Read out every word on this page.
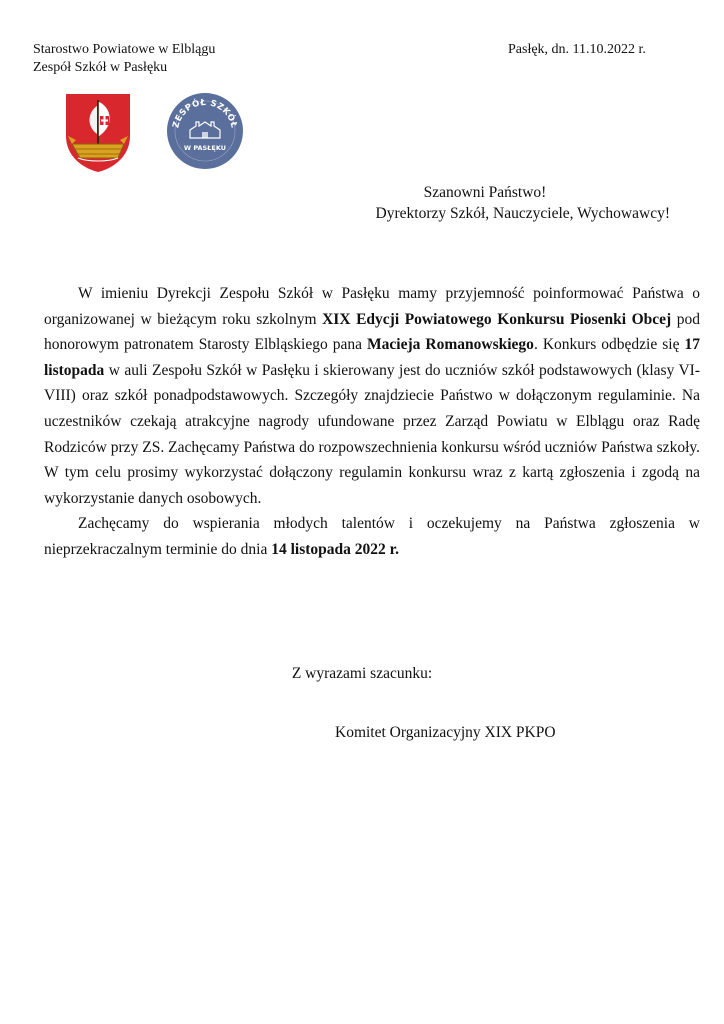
Starostwo Powiatowe w Elblągu
Zespół Szkół w Pasłęku
Pasłęk, dn. 11.10.2022 r.
ZESPÓŁ SZKÓŁ
W PASŁĘKU
Szanowni Państwo!
Dyrektorzy Szkół, Nauczyciele, Wychowawcy!

W imieniu Dyrekcji Zespołu Szkół w Pasłęku mamy przyjemność poinformować Państwa o organizowanej w bieżącym roku szkolnym XIX Edycji Powiatowego Konkursu Piosenki Obcej pod honorowym patronatem Starosty Elbląskiego pana Macieja Romanowskiego. Konkurs odbędzie się 17 listopada w auli Zespołu Szkół w Pasłęku i skierowany jest do uczniów szkół podstawowych (klasy VI-VIII) oraz szkół ponadpodstawowych. Szczegóły znajdziecie Państwo w dołączonym regulaminie. Na uczestników czekają atrakcyjne nagrody ufundowane przez Zarząd Powiatu w Elblągu oraz Radę Rodziców przy ZS. Zachęcamy Państwa do rozpowszechnienia konkursu wśród uczniów Państwa szkoły. W tym celu prosimy wykorzystać dołączony regulamin konkursu wraz z kartą zgłoszenia i zgodą na wykorzystanie danych osobowych.

Zachęcamy do wspierania młodych talentów i oczekujemy na Państwa zgłoszenia w nieprzekraczalnym terminie do dnia 14 listopada 2022 r.

Z wyrazami szacunku:
Komitet Organizacyjny XIX PKPO
